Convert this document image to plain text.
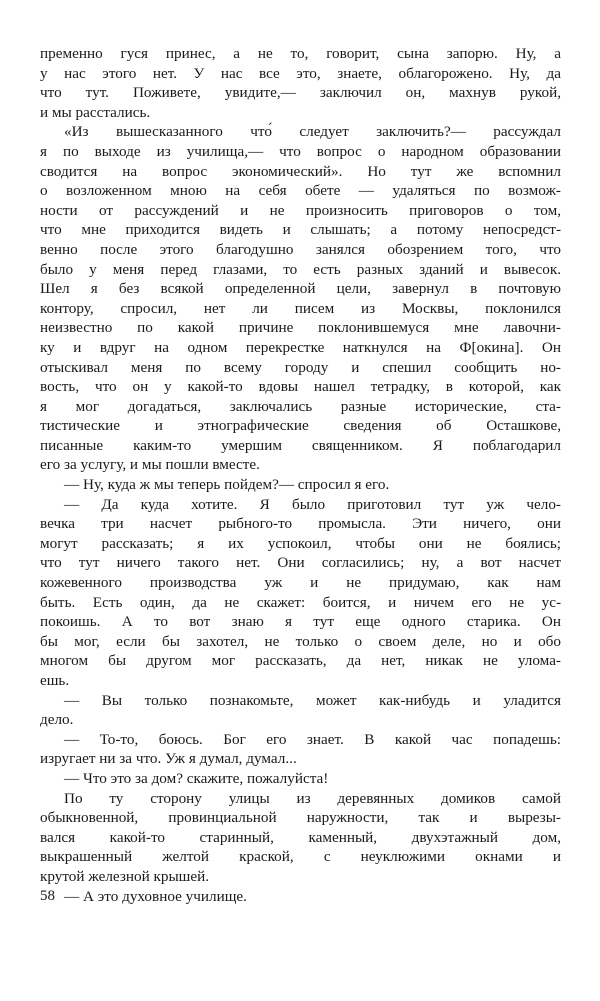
пременно гуся принес, а не то, говорит, сына запорю. Ну, а
у нас этого нет. У нас все это, знаете, облагорожено. Ну, да
что тут. Поживете, увидите,— заключил он, махнув рукой,
и мы расстались.
«Из вышесказанного что́ следует заключить?— рассуждал
я по выходе из училища,— что вопрос о народном образовании
сводится на вопрос экономический». Но тут же вспомнил
о возложенном мною на себя обете — удаляться по возмож-
ности от рассуждений и не произносить приговоров о том,
что мне приходится видеть и слышать; а потому непосредст-
венно после этого благодушно занялся обозрением того, что
было у меня перед глазами, то есть разных зданий и вывесок.
Шел я без всякой определенной цели, завернул в почтовую
контору, спросил, нет ли писем из Москвы, поклонился
неизвестно по какой причине поклонившемуся мне лавочни-
ку и вдруг на одном перекрестке наткнулся на Ф[окина]. Он
отыскивал меня по всему городу и спешил сообщить но-
вость, что он у какой-то вдовы нашел тетрадку, в которой, как
я мог догадаться, заключались разные исторические, ста-
тистические и этнографические сведения об Осташкове,
писанные каким-то умершим священником. Я поблагодарил
его за услугу, и мы пошли вместе.
— Ну, куда ж мы теперь пойдем?— спросил я его.
— Да куда хотите. Я было приготовил тут уж чело-
вечка три насчет рыбного-то промысла. Эти ничего, они
могут рассказать; я их успокоил, чтобы они не боялись;
что тут ничего такого нет. Они согласились; ну, а вот насчет
кожевенного производства уж и не придумаю, как нам
быть. Есть один, да не скажет: боится, и ничем его не ус-
покоишь. А то вот знаю я тут еще одного старика. Он
бы мог, если бы захотел, не только о своем деле, но и обо
многом бы другом мог рассказать, да нет, никак не улома-
ешь.
— Вы только познакомьте, может как-нибудь и уладится
дело.
— То-то, боюсь. Бог его знает. В какой час попадешь:
изругает ни за что. Уж я думал, думал...
— Что это за дом? скажите, пожалуйста!
По ту сторону улицы из деревянных домиков самой
обыкновенной, провинциальной наружности, так и вырезы-
вался какой-то старинный, каменный, двухэтажный дом,
выкрашенный желтой краской, с неуклюжими окнами и
крутой железной крышей.
— А это духовное училище.
58
